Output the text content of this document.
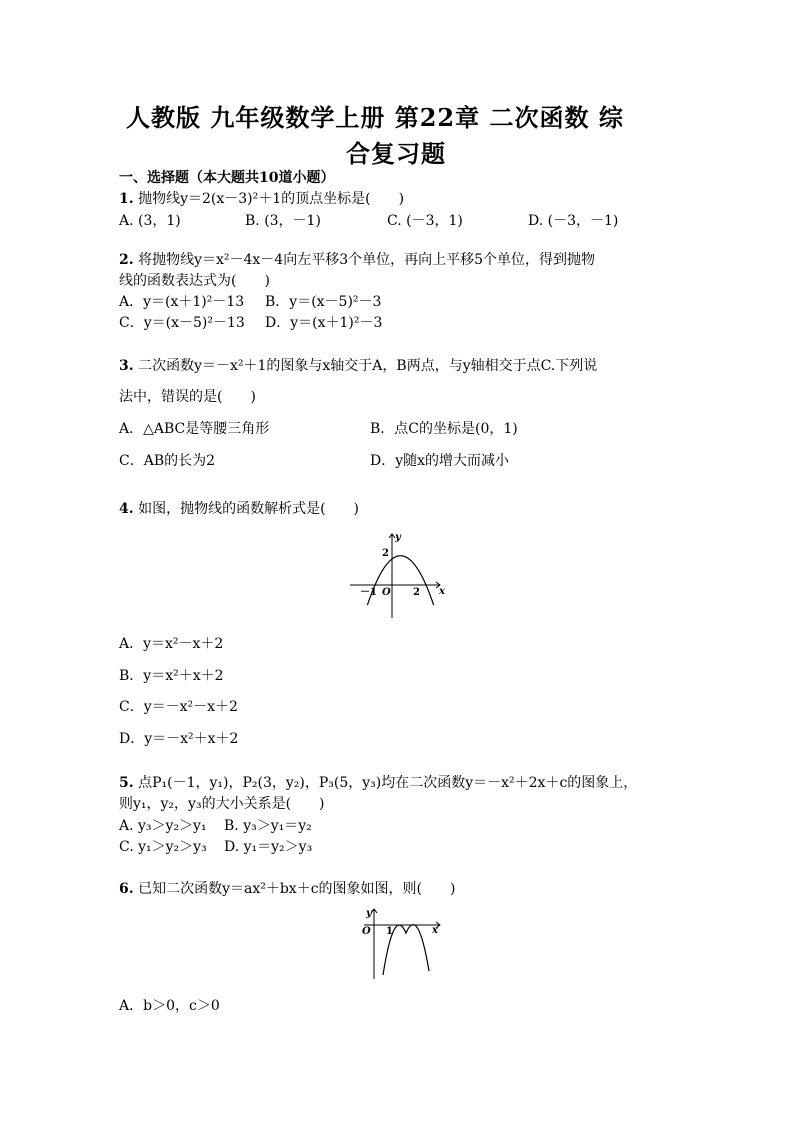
人教版 九年级数学上册 第22章 二次函数 综
合复习题
一、选择题（本大题共10道小题）
1. 抛物线y＝2(x－3)²＋1的顶点坐标是(　　)
A. (3，1)	B. (3，－1)	C. (－3，1)	D. (－3，－1)
2. 将抛物线y＝x²－4x－4向左平移3个单位，再向上平移5个单位，得到抛物
线的函数表达式为(　　)
A．y＝(x＋1)²－13 B．y＝(x－5)²－3
C．y＝(x－5)²－13 D．y＝(x＋1)²－3
3. 二次函数y＝－x²＋1的图象与x轴交于A，B两点，与y轴相交于点C.下列说
法中，错误的是(　　)
A．△ABC是等腰三角形	B．点C的坐标是(0，1)
C．AB的长为2	D．y随x的增大而减小
4. 如图，抛物线的函数解析式是(　　)
y
x
2
－1 O 2
A．y＝x²－x＋2
B．y＝x²＋x＋2
C．y＝－x²－x＋2
D．y＝－x²＋x＋2
5. 点P₁(－1，y₁)，P₂(3，y₂)，P₃(5，y₃)均在二次函数y＝－x²＋2x＋c的图象上，
则y₁，y₂，y₃的大小关系是(　　)
A. y₃＞y₂＞y₁ B. y₃＞y₁＝y₂
C. y₁＞y₂＞y₃ D. y₁＝y₂＞y₃
6. 已知二次函数y＝ax²＋bx＋c的图象如图，则(　　)
y
x
O 1
A．b＞0，c＞0
